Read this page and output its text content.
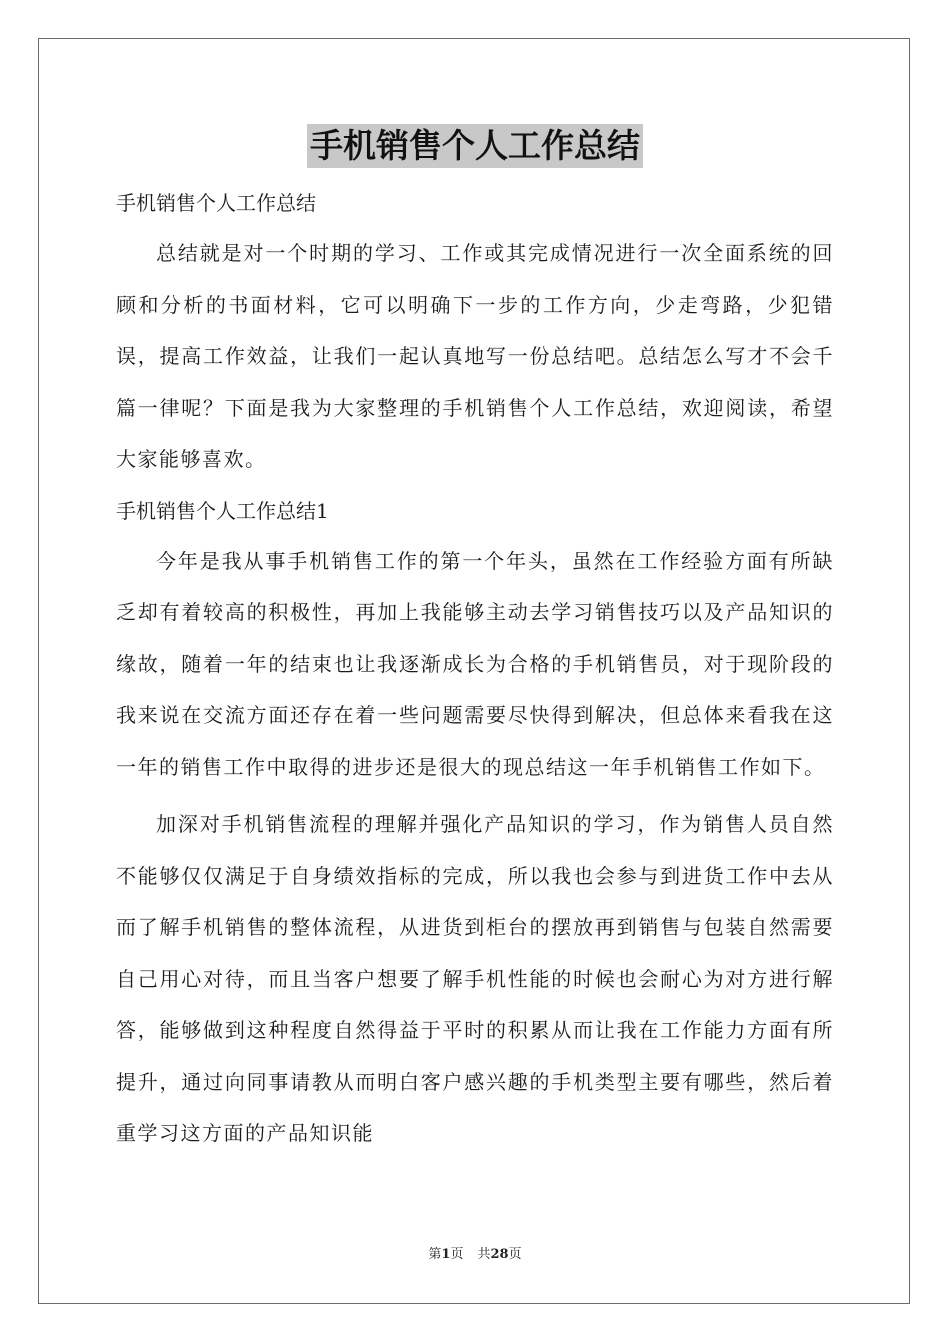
手机销售个人工作总结

手机销售个人工作总结

总结就是对一个时期的学习、工作或其完成情况进行一次全面系统的回顾和分析的书面材料，它可以明确下一步的工作方向，少走弯路，少犯错误，提高工作效益，让我们一起认真地写一份总结吧。总结怎么写才不会千篇一律呢？下面是我为大家整理的手机销售个人工作总结，欢迎阅读，希望大家能够喜欢。

手机销售个人工作总结1

今年是我从事手机销售工作的第一个年头，虽然在工作经验方面有所缺乏却有着较高的积极性，再加上我能够主动去学习销售技巧以及产品知识的缘故，随着一年的结束也让我逐渐成长为合格的手机销售员，对于现阶段的我来说在交流方面还存在着一些问题需要尽快得到解决，但总体来看我在这一年的销售工作中取得的进步还是很大的现总结这一年手机销售工作如下。

加深对手机销售流程的理解并强化产品知识的学习，作为销售人员自然不能够仅仅满足于自身绩效指标的完成，所以我也会参与到进货工作中去从而了解手机销售的整体流程，从进货到柜台的摆放再到销售与包装自然需要自己用心对待，而且当客户想要了解手机性能的时候也会耐心为对方进行解答，能够做到这种程度自然得益于平时的积累从而让我在工作能力方面有所提升，通过向同事请教从而明白客户感兴趣的手机类型主要有哪些，然后着重学习这方面的产品知识能

第1页 共28页
